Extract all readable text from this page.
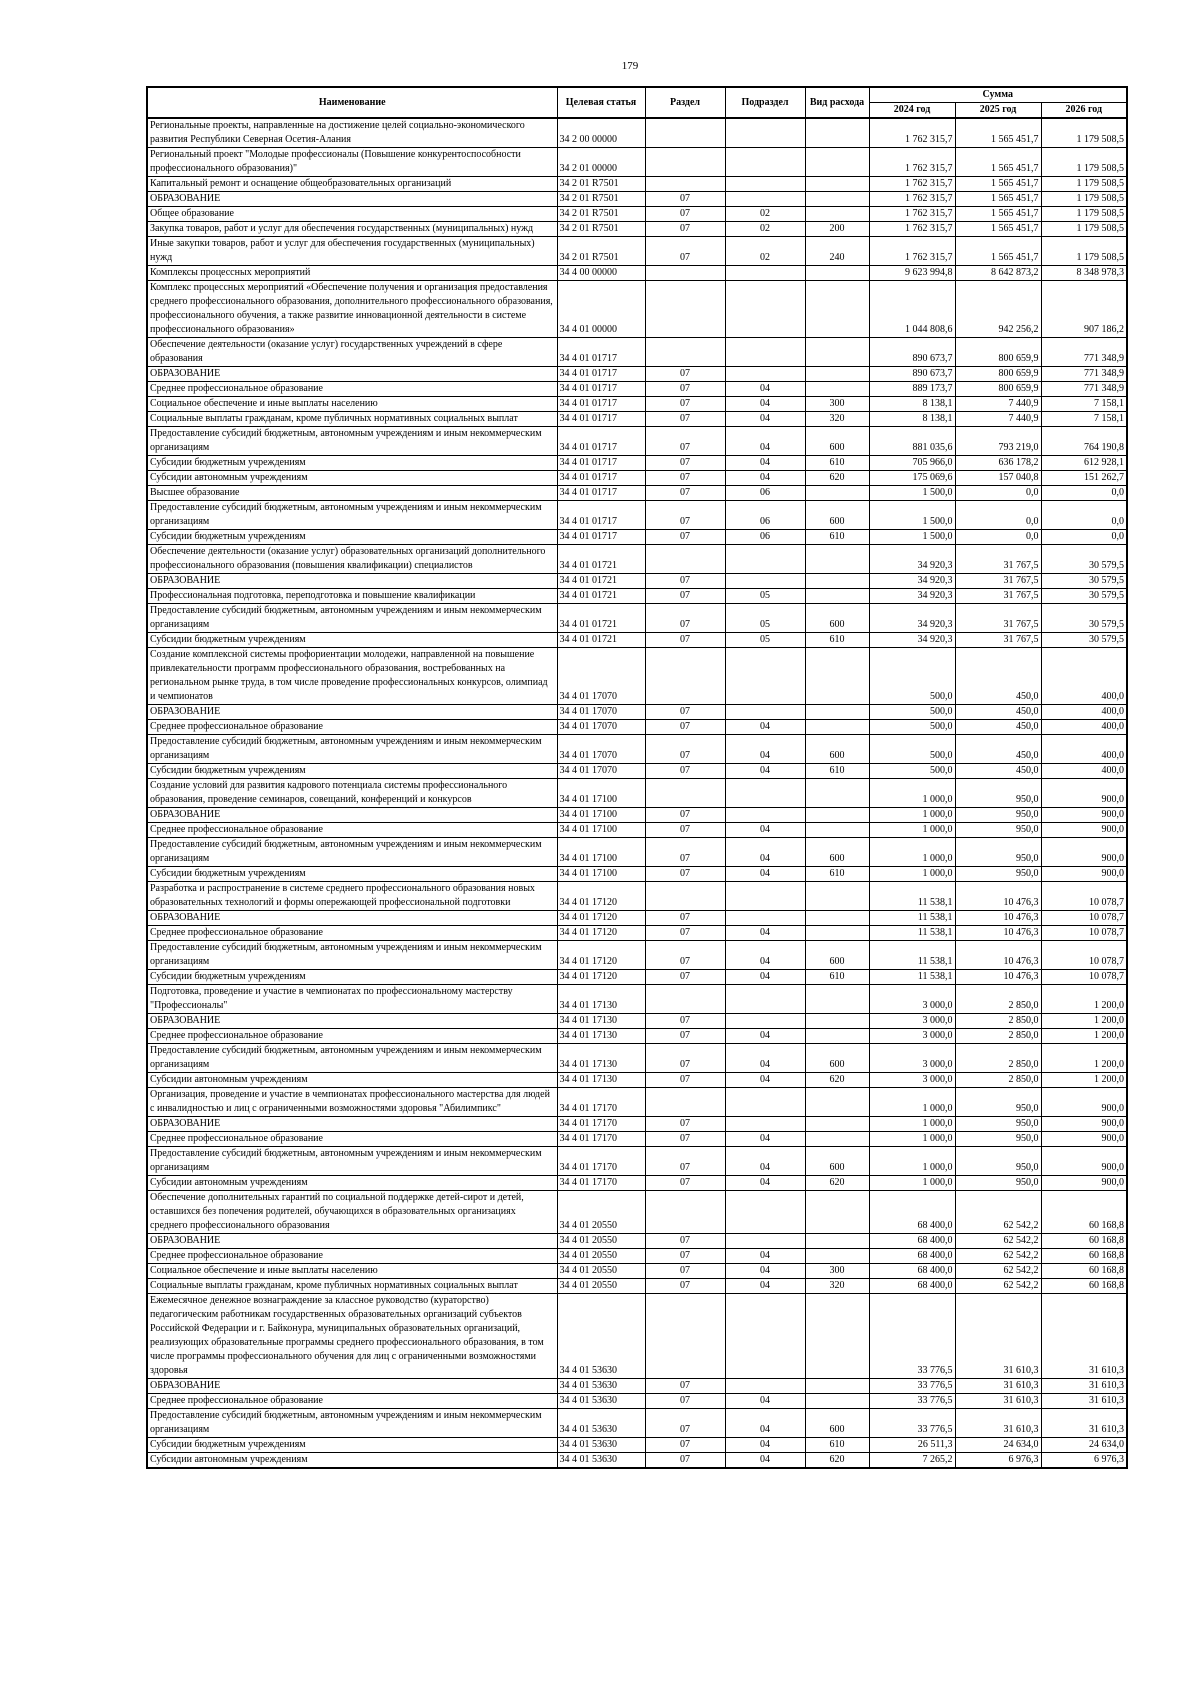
179
Наименование	Целевая статья	Раздел	Подраздел	Вид расхода	Сумма		
					2024 год	2025 год	2026 год
Региональные проекты, направленные на достижение целей социально-экономического развития Республики Северная Осетия-Алания	34 2 00 00000				1 762 315,7	1 565 451,7	1 179 508,5
Региональный проект "Молодые профессионалы (Повышение конкурентоспособности профессионального образования)"	34 2 01 00000				1 762 315,7	1 565 451,7	1 179 508,5
Капитальный ремонт и оснащение общеобразовательных организаций	34 2 01 R7501				1 762 315,7	1 565 451,7	1 179 508,5
ОБРАЗОВАНИЕ	34 2 01 R7501	07			1 762 315,7	1 565 451,7	1 179 508,5
Общее образование	34 2 01 R7501	07	02		1 762 315,7	1 565 451,7	1 179 508,5
Закупка товаров, работ и услуг для обеспечения государственных (муниципальных) нужд	34 2 01 R7501	07	02	200	1 762 315,7	1 565 451,7	1 179 508,5
Иные закупки товаров, работ и услуг для обеспечения государственных (муниципальных) нужд	34 2 01 R7501	07	02	240	1 762 315,7	1 565 451,7	1 179 508,5
Комплексы процессных мероприятий	34 4 00 00000				9 623 994,8	8 642 873,2	8 348 978,3
Комплекс процессных мероприятий «Обеспечение получения и организация предоставления среднего профессионального образования, дополнительного профессионального образования, профессионального обучения, а также развитие инновационной деятельности в системе профессионального образования»	34 4 01 00000				1 044 808,6	942 256,2	907 186,2
Обеспечение деятельности (оказание услуг) государственных учреждений в сфере образования	34 4 01 01717				890 673,7	800 659,9	771 348,9
ОБРАЗОВАНИЕ	34 4 01 01717	07			890 673,7	800 659,9	771 348,9
Среднее профессиональное образование	34 4 01 01717	07	04		889 173,7	800 659,9	771 348,9
Социальное обеспечение и иные выплаты населению	34 4 01 01717	07	04	300	8 138,1	7 440,9	7 158,1
Социальные выплаты гражданам, кроме публичных нормативных социальных выплат	34 4 01 01717	07	04	320	8 138,1	7 440,9	7 158,1
Предоставление субсидий бюджетным, автономным учреждениям и иным некоммерческим организациям	34 4 01 01717	07	04	600	881 035,6	793 219,0	764 190,8
Субсидии бюджетным учреждениям	34 4 01 01717	07	04	610	705 966,0	636 178,2	612 928,1
Субсидии автономным учреждениям	34 4 01 01717	07	04	620	175 069,6	157 040,8	151 262,7
Высшее образование	34 4 01 01717	07	06		1 500,0	0,0	0,0
Предоставление субсидий бюджетным, автономным учреждениям и иным некоммерческим организациям	34 4 01 01717	07	06	600	1 500,0	0,0	0,0
Субсидии бюджетным учреждениям	34 4 01 01717	07	06	610	1 500,0	0,0	0,0
Обеспечение деятельности (оказание услуг) образовательных организаций дополнительного профессионального образования (повышения квалификации) специалистов	34 4 01 01721				34 920,3	31 767,5	30 579,5
ОБРАЗОВАНИЕ	34 4 01 01721	07			34 920,3	31 767,5	30 579,5
Профессиональная подготовка, переподготовка и повышение квалификации	34 4 01 01721	07	05		34 920,3	31 767,5	30 579,5
Предоставление субсидий бюджетным, автономным учреждениям и иным некоммерческим организациям	34 4 01 01721	07	05	600	34 920,3	31 767,5	30 579,5
Субсидии бюджетным учреждениям	34 4 01 01721	07	05	610	34 920,3	31 767,5	30 579,5
Создание комплексной системы профориентации молодежи, направленной на повышение привлекательности программ профессионального образования, востребованных на региональном рынке труда, в том числе проведение профессиональных конкурсов, олимпиад и чемпионатов	34 4 01 17070				500,0	450,0	400,0
ОБРАЗОВАНИЕ	34 4 01 17070	07			500,0	450,0	400,0
Среднее профессиональное образование	34 4 01 17070	07	04		500,0	450,0	400,0
Предоставление субсидий бюджетным, автономным учреждениям и иным некоммерческим организациям	34 4 01 17070	07	04	600	500,0	450,0	400,0
Субсидии бюджетным учреждениям	34 4 01 17070	07	04	610	500,0	450,0	400,0
Создание условий для развития кадрового потенциала системы профессионального образования, проведение семинаров, совещаний, конференций и конкурсов	34 4 01 17100				1 000,0	950,0	900,0
ОБРАЗОВАНИЕ	34 4 01 17100	07			1 000,0	950,0	900,0
Среднее профессиональное образование	34 4 01 17100	07	04		1 000,0	950,0	900,0
Предоставление субсидий бюджетным, автономным учреждениям и иным некоммерческим организациям	34 4 01 17100	07	04	600	1 000,0	950,0	900,0
Субсидии бюджетным учреждениям	34 4 01 17100	07	04	610	1 000,0	950,0	900,0
Разработка и распространение в системе среднего профессионального образования новых образовательных технологий и формы опережающей профессиональной подготовки	34 4 01 17120				11 538,1	10 476,3	10 078,7
ОБРАЗОВАНИЕ	34 4 01 17120	07			11 538,1	10 476,3	10 078,7
Среднее профессиональное образование	34 4 01 17120	07	04		11 538,1	10 476,3	10 078,7
Предоставление субсидий бюджетным, автономным учреждениям и иным некоммерческим организациям	34 4 01 17120	07	04	600	11 538,1	10 476,3	10 078,7
Субсидии бюджетным учреждениям	34 4 01 17120	07	04	610	11 538,1	10 476,3	10 078,7
Подготовка, проведение и участие в чемпионатах по профессиональному мастерству "Профессионалы"	34 4 01 17130				3 000,0	2 850,0	1 200,0
ОБРАЗОВАНИЕ	34 4 01 17130	07			3 000,0	2 850,0	1 200,0
Среднее профессиональное образование	34 4 01 17130	07	04		3 000,0	2 850,0	1 200,0
Предоставление субсидий бюджетным, автономным учреждениям и иным некоммерческим организациям	34 4 01 17130	07	04	600	3 000,0	2 850,0	1 200,0
Субсидии автономным учреждениям	34 4 01 17130	07	04	620	3 000,0	2 850,0	1 200,0
Организация, проведение и участие в чемпионатах профессионального мастерства для людей с инвалидностью и лиц с ограниченными возможностями здоровья "Абилимпикс"	34 4 01 17170				1 000,0	950,0	900,0
ОБРАЗОВАНИЕ	34 4 01 17170	07			1 000,0	950,0	900,0
Среднее профессиональное образование	34 4 01 17170	07	04		1 000,0	950,0	900,0
Предоставление субсидий бюджетным, автономным учреждениям и иным некоммерческим организациям	34 4 01 17170	07	04	600	1 000,0	950,0	900,0
Субсидии автономным учреждениям	34 4 01 17170	07	04	620	1 000,0	950,0	900,0
Обеспечение дополнительных гарантий по социальной поддержке детей-сирот и детей, оставшихся без попечения родителей, обучающихся в образовательных организациях среднего профессионального образования	34 4 01 20550				68 400,0	62 542,2	60 168,8
ОБРАЗОВАНИЕ	34 4 01 20550	07			68 400,0	62 542,2	60 168,8
Среднее профессиональное образование	34 4 01 20550	07	04		68 400,0	62 542,2	60 168,8
Социальное обеспечение и иные выплаты населению	34 4 01 20550	07	04	300	68 400,0	62 542,2	60 168,8
Социальные выплаты гражданам, кроме публичных нормативных социальных выплат	34 4 01 20550	07	04	320	68 400,0	62 542,2	60 168,8
Ежемесячное денежное вознаграждение за классное руководство (кураторство) педагогическим работникам государственных образовательных организаций субъектов Российской Федерации и г. Байконура, муниципальных образовательных организаций, реализующих образовательные программы среднего профессионального образования, в том числе программы профессионального обучения для лиц с ограниченными возможностями здоровья	34 4 01 53630				33 776,5	31 610,3	31 610,3
ОБРАЗОВАНИЕ	34 4 01 53630	07			33 776,5	31 610,3	31 610,3
Среднее профессиональное образование	34 4 01 53630	07	04		33 776,5	31 610,3	31 610,3
Предоставление субсидий бюджетным, автономным учреждениям и иным некоммерческим организациям	34 4 01 53630	07	04	600	33 776,5	31 610,3	31 610,3
Субсидии бюджетным учреждениям	34 4 01 53630	07	04	610	26 511,3	24 634,0	24 634,0
Субсидии автономным учреждениям	34 4 01 53630	07	04	620	7 265,2	6 976,3	6 976,3
